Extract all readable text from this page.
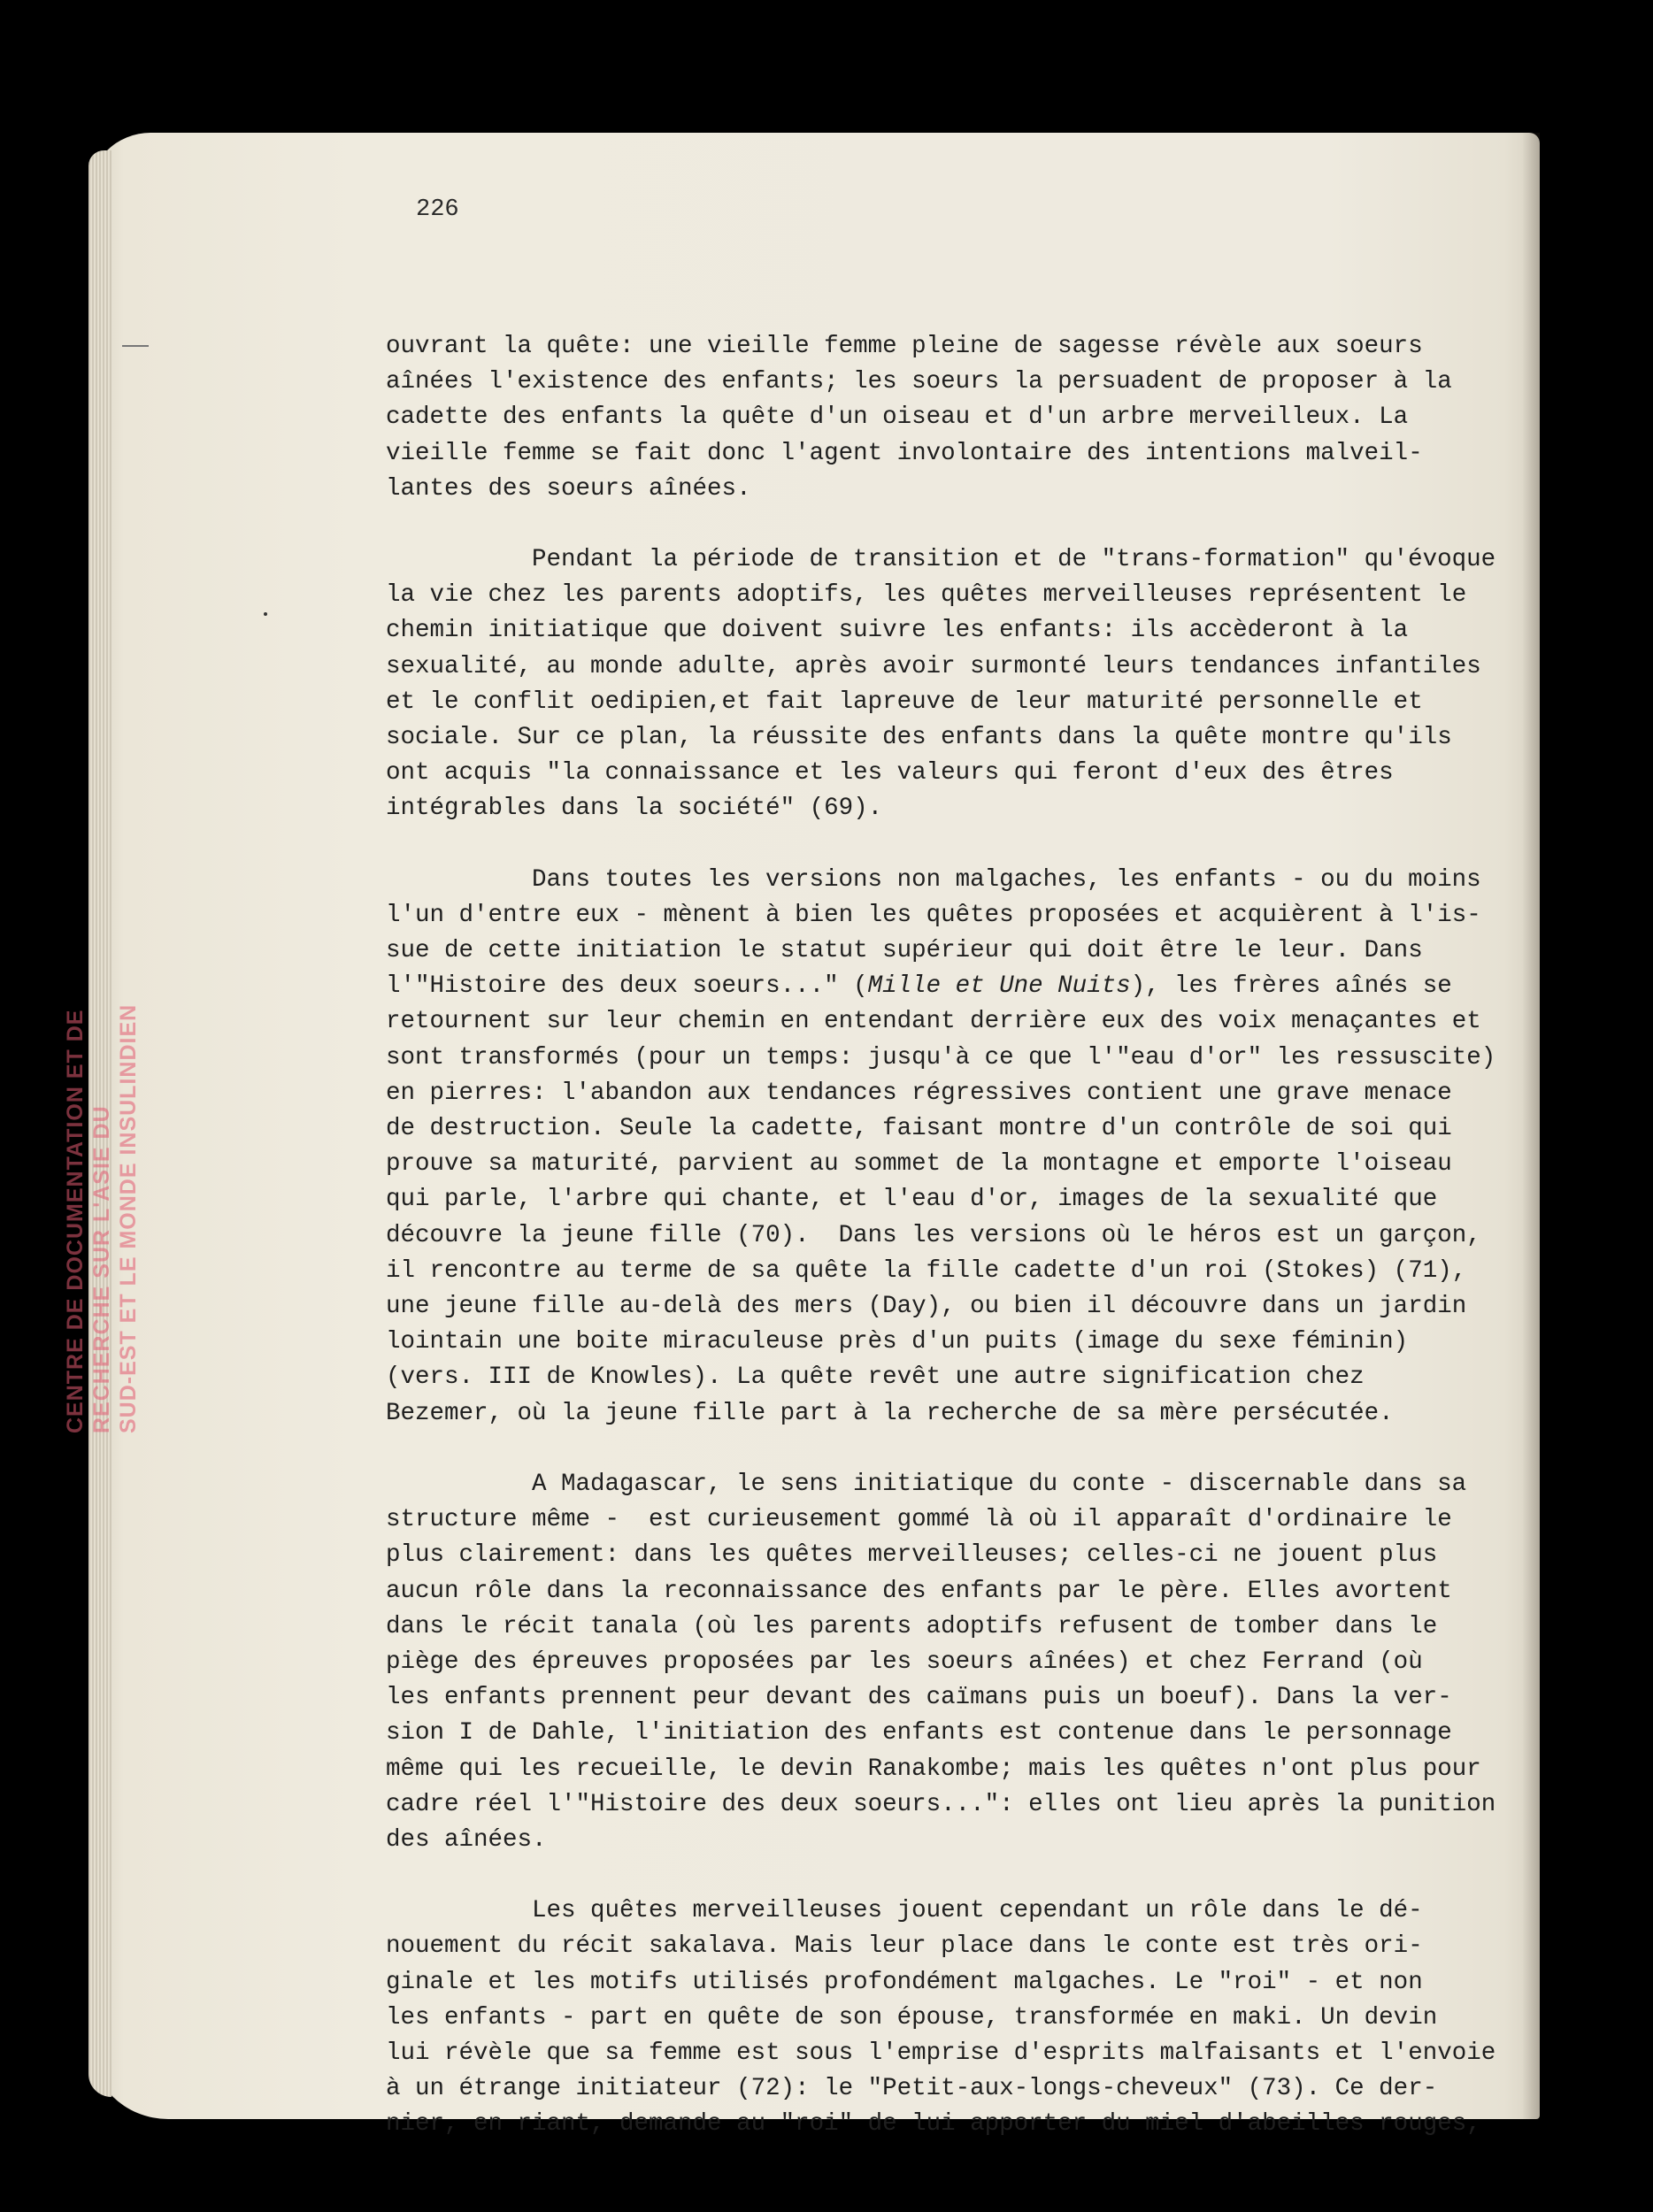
CENTRE DE DOCUMENTATION ET DE RECHERCHE SUR L'ASIE DU SUD-EST ET LE MONDE INSULINDIEN
226
ouvrant la quête: une vieille femme pleine de sagesse révèle aux soeurs
aînées l'existence des enfants; les soeurs la persuadent de proposer à la
cadette des enfants la quête d'un oiseau et d'un arbre merveilleux. La
vieille femme se fait donc l'agent involontaire des intentions malveil-
lantes des soeurs aînées.
Pendant la période de transition et de "trans-formation" qu'évoque
la vie chez les parents adoptifs, les quêtes merveilleuses représentent le
chemin initiatique que doivent suivre les enfants: ils accèderont à la
sexualité, au monde adulte, après avoir surmonté leurs tendances infantiles
et le conflit oedipien,et fait lapreuve de leur maturité personnelle et
sociale. Sur ce plan, la réussite des enfants dans la quête montre qu'ils
ont acquis "la connaissance et les valeurs qui feront d'eux des êtres
intégrables dans la société" (69).
Dans toutes les versions non malgaches, les enfants - ou du moins
l'un d'entre eux - mènent à bien les quêtes proposées et acquièrent à l'is-
sue de cette initiation le statut supérieur qui doit être le leur. Dans
l'"Histoire des deux soeurs..." (Mille et Une Nuits), les frères aînés se
retournent sur leur chemin en entendant derrière eux des voix menaçantes et
sont transformés (pour un temps: jusqu'à ce que l'"eau d'or" les ressuscite)
en pierres: l'abandon aux tendances régressives contient une grave menace
de destruction. Seule la cadette, faisant montre d'un contrôle de soi qui
prouve sa maturité, parvient au sommet de la montagne et emporte l'oiseau
qui parle, l'arbre qui chante, et l'eau d'or, images de la sexualité que
découvre la jeune fille (70).  Dans les versions où le héros est un garçon,
il rencontre au terme de sa quête la fille cadette d'un roi (Stokes) (71),
une jeune fille au-delà des mers (Day), ou bien il découvre dans un jardin
lointain une boite miraculeuse près d'un puits (image du sexe féminin)
(vers. III de Knowles). La quête revêt une autre signification chez
Bezemer, où la jeune fille part à la recherche de sa mère persécutée.
A Madagascar, le sens initiatique du conte - discernable dans sa
structure même -  est curieusement gommé là où il apparaît d'ordinaire le
plus clairement: dans les quêtes merveilleuses; celles-ci ne jouent plus
aucun rôle dans la reconnaissance des enfants par le père. Elles avortent
dans le récit tanala (où les parents adoptifs refusent de tomber dans le
piège des épreuves proposées par les soeurs aînées) et chez Ferrand (où
les enfants prennent peur devant des caïmans puis un boeuf). Dans la ver-
sion I de Dahle, l'initiation des enfants est contenue dans le personnage
même qui les recueille, le devin Ranakombe; mais les quêtes n'ont plus pour
cadre réel l'"Histoire des deux soeurs...": elles ont lieu après la punition
des aînées.
Les quêtes merveilleuses jouent cependant un rôle dans le dé-
nouement du récit sakalava. Mais leur place dans le conte est très ori-
ginale et les motifs utilisés profondément malgaches. Le "roi" - et non
les enfants - part en quête de son épouse, transformée en maki. Un devin
lui révèle que sa femme est sous l'emprise d'esprits malfaisants et l'envoie
à un étrange initiateur (72): le "Petit-aux-longs-cheveux" (73). Ce der-
nier, en riant, demande au "roi" de lui apporter du miel d'abeilles rouges,
